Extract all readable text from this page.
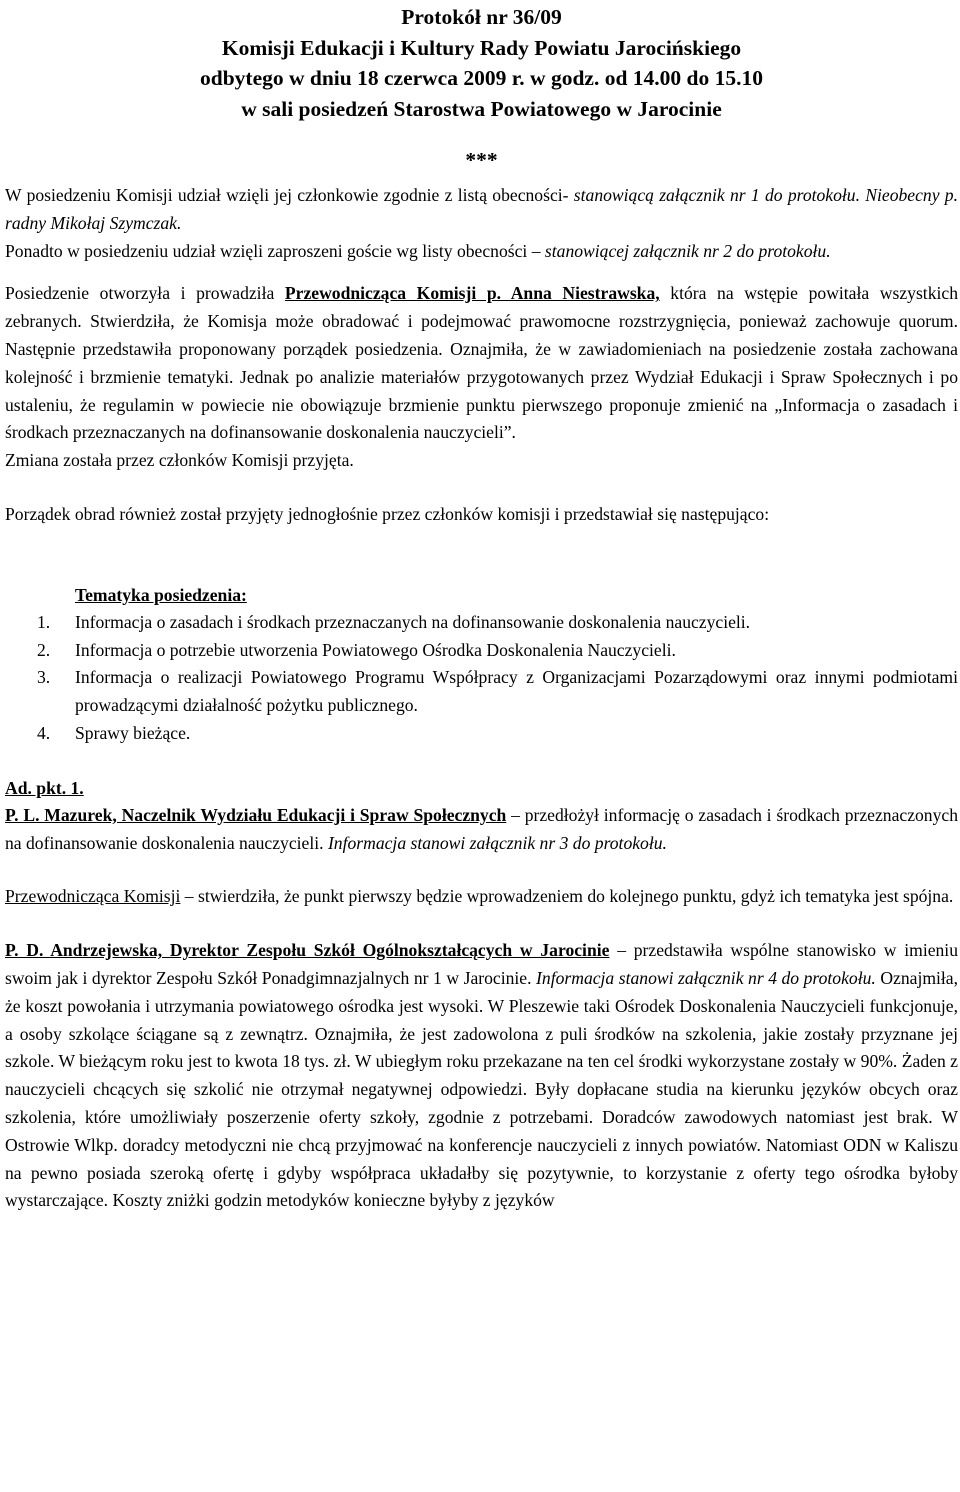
Protokół nr 36/09
Komisji Edukacji i Kultury Rady Powiatu Jarocińskiego
odbytego w dniu 18 czerwca 2009 r. w godz. od 14.00 do 15.10
w sali posiedzeń Starostwa Powiatowego w Jarocinie
***

W posiedzeniu Komisji udział wzięli jej członkowie zgodnie z listą obecności- stanowiącą załącznik nr 1 do protokołu. Nieobecny p. radny Mikołaj Szymczak.

Ponadto w posiedzeniu udział wzięli zaproszeni goście wg listy obecności – stanowiącej załącznik nr 2 do protokołu.

Posiedzenie otworzyła i prowadziła Przewodnicząca Komisji p. Anna Niestrawska, która na wstępie powitała wszystkich zebranych. Stwierdziła, że Komisja może obradować i podejmować prawomocne rozstrzygnięcia, ponieważ zachowuje quorum. Następnie przedstawiła proponowany porządek posiedzenia. Oznajmiła, że w zawiadomieniach na posiedzenie została zachowana kolejność i brzmienie tematyki. Jednak po analizie materiałów przygotowanych przez Wydział Edukacji i Spraw Społecznych i po ustaleniu, że regulamin w powiecie nie obowiązuje brzmienie punktu pierwszego proponuje zmienić na „Informacja o zasadach i środkach przeznaczanych na dofinansowanie doskonalenia nauczycieli”.

Zmiana została przez członków Komisji przyjęta.

Porządek obrad również został przyjęty jednogłośnie przez członków komisji i przedstawiał się następująco:

Tematyka posiedzenia:
1. Informacja o zasadach i środkach przeznaczanych na dofinansowanie doskonalenia nauczycieli.
2. Informacja o potrzebie utworzenia Powiatowego Ośrodka Doskonalenia Nauczycieli.
3. Informacja o realizacji Powiatowego Programu Współpracy z Organizacjami Pozarządowymi oraz innymi podmiotami prowadzącymi działalność pożytku publicznego.
4. Sprawy bieżące.
Ad. pkt. 1.

P. L. Mazurek, Naczelnik Wydziału Edukacji i Spraw Społecznych – przedłożył informację o zasadach i środkach przeznaczonych na dofinansowanie doskonalenia nauczycieli. Informacja stanowi załącznik nr 3 do protokołu.

Przewodnicząca Komisji – stwierdziła, że punkt pierwszy będzie wprowadzeniem do kolejnego punktu, gdyż ich tematyka jest spójna.

P. D. Andrzejewska, Dyrektor Zespołu Szkół Ogólnokształcących w Jarocinie – przedstawiła wspólne stanowisko w imieniu swoim jak i dyrektor Zespołu Szkół Ponadgimnazjalnych nr 1 w Jarocinie. Informacja stanowi załącznik nr 4 do protokołu. Oznajmiła, że koszt powołania i utrzymania powiatowego ośrodka jest wysoki. W Pleszewie taki Ośrodek Doskonalenia Nauczycieli funkcjonuje, a osoby szkolące ściągane są z zewnątrz. Oznajmiła, że jest zadowolona z puli środków na szkolenia, jakie zostały przyznane jej szkole. W bieżącym roku jest to kwota 18 tys. zł. W ubiegłym roku przekazane na ten cel środki wykorzystane zostały w 90%. Żaden z nauczycieli chcących się szkolić nie otrzymał negatywnej odpowiedzi. Były dopłacane studia na kierunku języków obcych oraz szkolenia, które umożliwiały poszerzenie oferty szkoły, zgodnie z potrzebami. Doradców zawodowych natomiast jest brak. W Ostrowie Wlkp. doradcy metodyczni nie chcą przyjmować na konferencje nauczycieli z innych powiatów. Natomiast ODN w Kaliszu na pewno posiada szeroką ofertę i gdyby współpraca układałby się pozytywnie, to korzystanie z oferty tego ośrodka byłoby wystarczające. Koszty zniżki godzin metodyków konieczne byłyby z języków
